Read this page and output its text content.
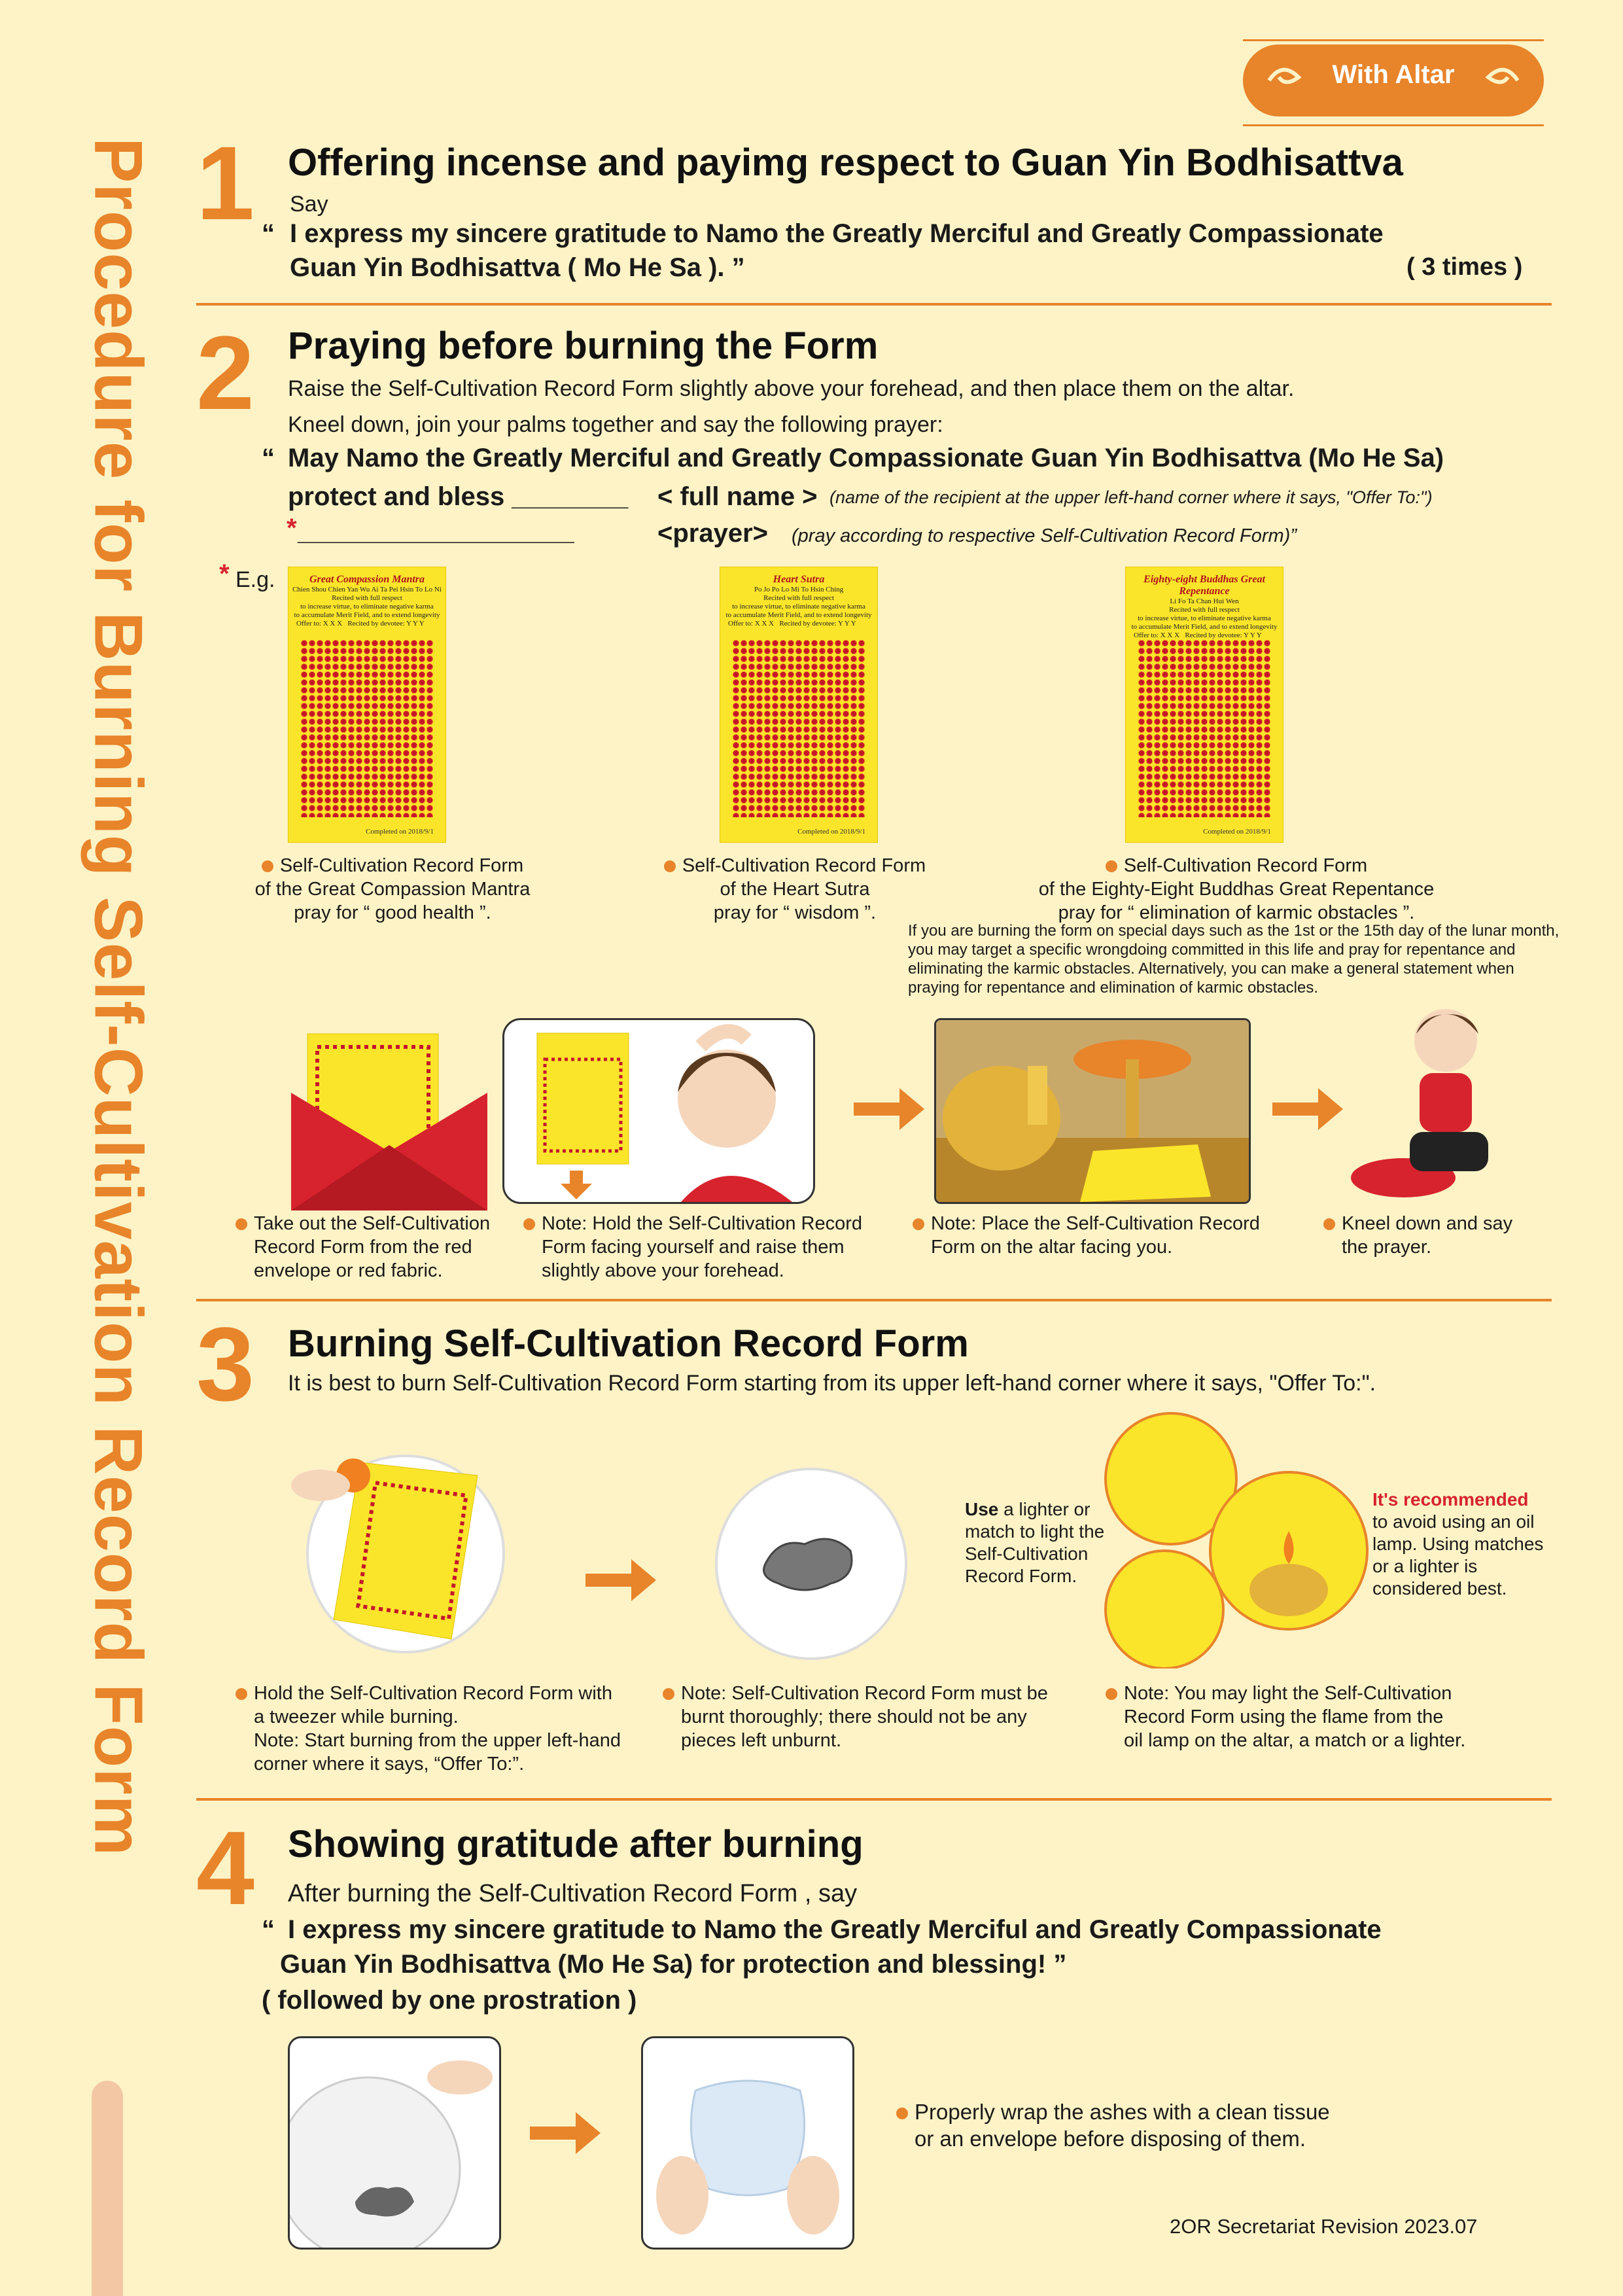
Procedure for Burning Self-Cultivation Record Form
With Altar
1 Offering incense and payimg respect to Guan Yin Bodhisattva
Say
“ I express my sincere gratitude to Namo the Greatly Merciful and Greatly Compassionate
Guan Yin Bodhisattva ( Mo He Sa ). ”	( 3 times )
2 Praying before burning the Form
Raise the Self-Cultivation Record Form slightly above your forehead, and then place them on the altar.
Kneel down, join your palms together and say the following prayer:
“ May Namo the Greatly Merciful and Greatly Compassionate Guan Yin Bodhisattva (Mo He Sa)
protect and bless ________ < full name > (name of the recipient at the upper left-hand corner where it says, "Offer To:")
* ___________________	<prayer> (pray according to respective Self-Cultivation Record Form)”
* E.g.	Great Compassion Mantra
Chien Shou Chien Yan Wu Ai Ta Pei Hsin To Lo Ni
Recited with full respect
to increase virtue, to eliminate negative karma
to accumulate Merit Field, and to extend longevity
Offer to: X X X Recited by devotee: Y Y Y
Completed on 2018/9/1
Heart Sutra
Po Jo Po Lo Mi To Hsin Ching
Recited with full respect
to increase virtue, to eliminate negative karma
to accumulate Merit Field, and to extend longevity
Offer to: X X X Recited by devotee: Y Y Y
Completed on 2018/9/1
Eighty-eight Buddhas Great Repentance
Li Fo Ta Chan Hui Wen
Recited with full respect
to increase virtue, to eliminate negative karma
to accumulate Merit Field, and to extend longevity
Offer to: X X X Recited by devotee: Y Y Y
Completed on 2018/9/1
Self-Cultivation Record Form
of the Great Compassion Mantra
pray for “ good health ”.
Self-Cultivation Record Form
of the Heart Sutra
pray for “ wisdom ”.
Self-Cultivation Record Form
of the Eighty-Eight Buddhas Great Repentance
pray for “ elimination of karmic obstacles ”.
If you are burning the form on special days such as the 1st or the 15th day of the lunar month,
you may target a specific wrongdoing committed in this life and pray for repentance and
eliminating the karmic obstacles. Alternatively, you can make a general statement when
praying for repentance and elimination of karmic obstacles.
Take out the Self-Cultivation
Record Form from the red
envelope or red fabric.
Note: Hold the Self-Cultivation Record
Form facing yourself and raise them
slightly above your forehead.
Note: Place the Self-Cultivation Record
Form on the altar facing you.
Kneel down and say
the prayer.
3 Burning Self-Cultivation Record Form
It is best to burn Self-Cultivation Record Form starting from its upper left-hand corner where it says, "Offer To:".
Use a lighter or
match to light the
Self-Cultivation
Record Form.
It's recommended
to avoid using an oil
lamp. Using matches
or a lighter is
considered best.
Hold the Self-Cultivation Record Form with
a tweezer while burning.
Note: Start burning from the upper left-hand
corner where it says, “Offer To:”.
Note: Self-Cultivation Record Form must be
burnt thoroughly; there should not be any
pieces left unburnt.
Note: You may light the Self-Cultivation
Record Form using the flame from the
oil lamp on the altar, a match or a lighter.
4 Showing gratitude after burning
After burning the Self-Cultivation Record Form , say
“ I express my sincere gratitude to Namo the Greatly Merciful and Greatly Compassionate
Guan Yin Bodhisattva (Mo He Sa) for protection and blessing! ”
( followed by one prostration )
Properly wrap the ashes with a clean tissue
or an envelope before disposing of them.
2OR Secretariat Revision 2023.07
